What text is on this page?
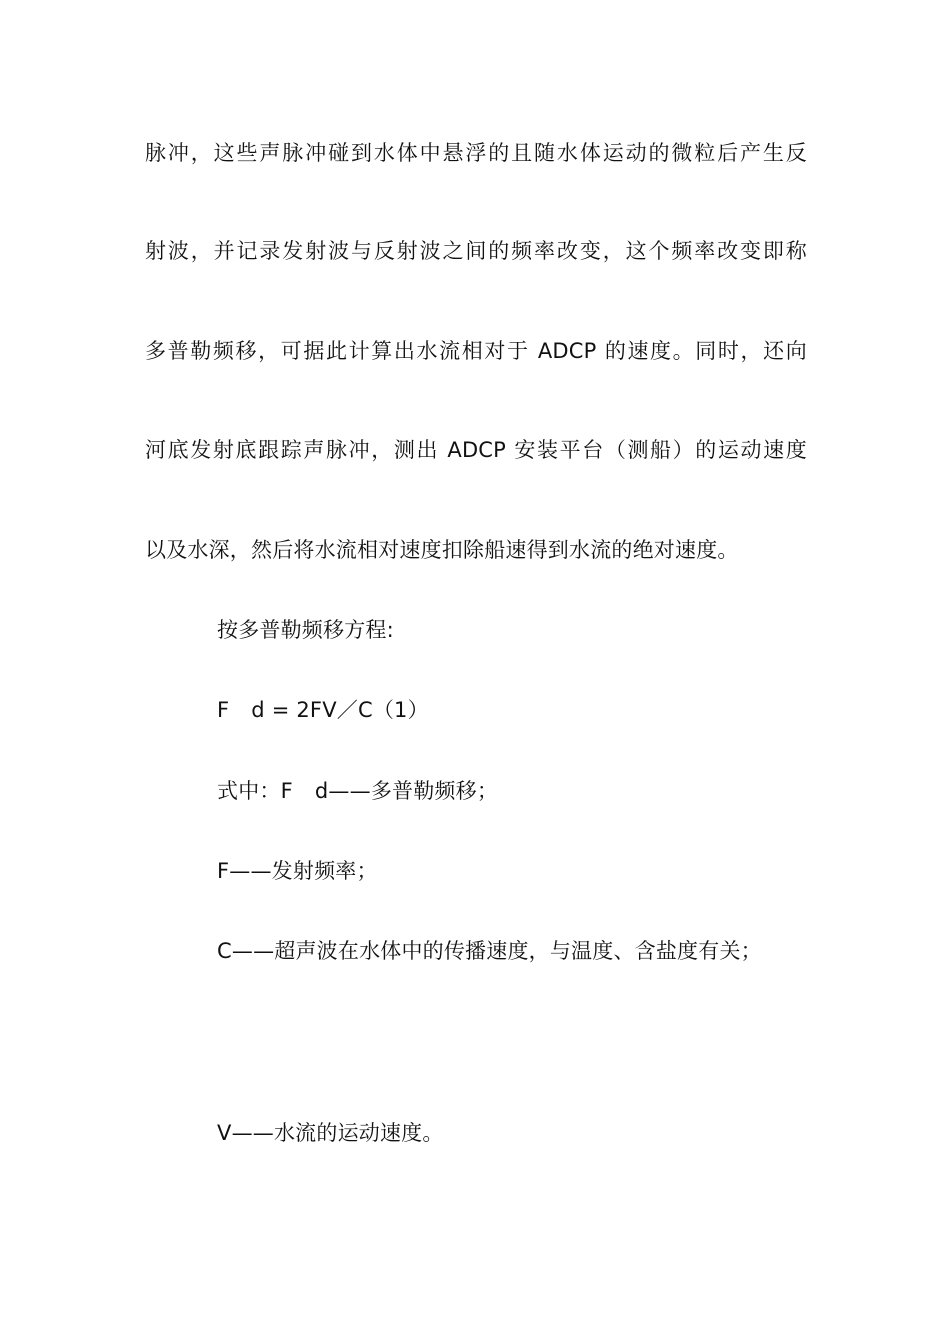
脉冲，这些声脉冲碰到水体中悬浮的且随水体运动的微粒后产生反
射波，并记录发射波与反射波之间的频率改变，这个频率改变即称
多普勒频移，可据此计算出水流相对于 ADCP 的速度。同时，还向
河底发射底跟踪声脉冲，测出 ADCP 安装平台（测船）的运动速度
以及水深，然后将水流相对速度扣除船速得到水流的绝对速度。
按多普勒频移方程:
F d = 2FV／C（1）
式中：F d——多普勒频移；
F——发射频率；
C——超声波在水体中的传播速度，与温度、含盐度有关；
V——水流的运动速度。
